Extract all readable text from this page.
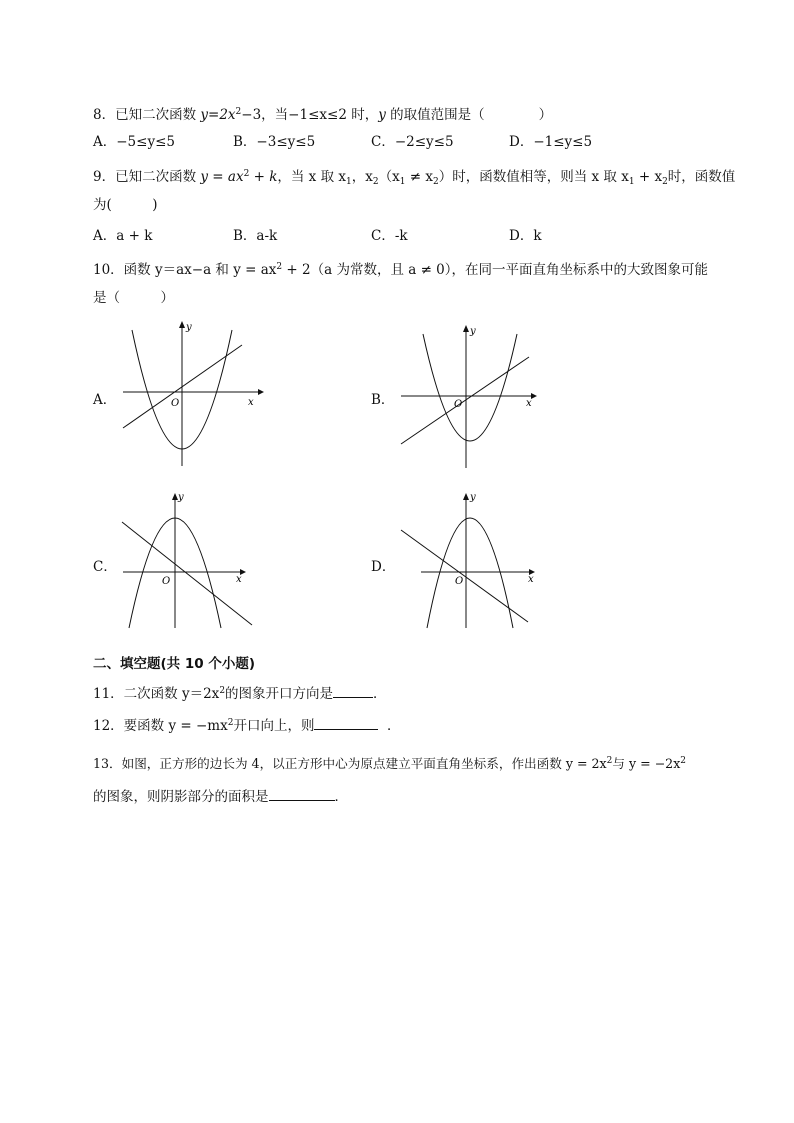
8．已知二次函数 $y=2x^2-3$，当−1≤x≤2 时，y 的取值范围是（　　　　）
A．−5≤y≤5	B．−3≤y≤5	C．−2≤y≤5	D．−1≤y≤5
9．已知二次函数 $y = ax^2 + k$，当 x 取 $x_1$，$x_2(x_1 \ne x_2)$时，函数值相等，则当 x 取 $x_1 + x_2$时，函数值
为(　　　)
A．a + k	B．a-k	C．-k	D．k
10．函数 y＝ax−a 和 $y = ax^2 + 2(a$ 为常数，且 a ≠ 0），在同一平面直角坐标系中的大致图象可能
是（　　　）
A．	B．
C．	D．
x
y
O	x
y
O
x
y
O	x
y
O
二、填空题(共 10 个小题)
11．二次函数 $y=2x^2$的图象开口方向是	．
12．要函数 $y = -mx^2$开口向上，则	．
13．如图，正方形的边长为 4，以正方形中心为原点建立平面直角坐标系，作出函数 $y = 2x^2$与 $y = -2x^2$
的图象，则阴影部分的面积是	．
